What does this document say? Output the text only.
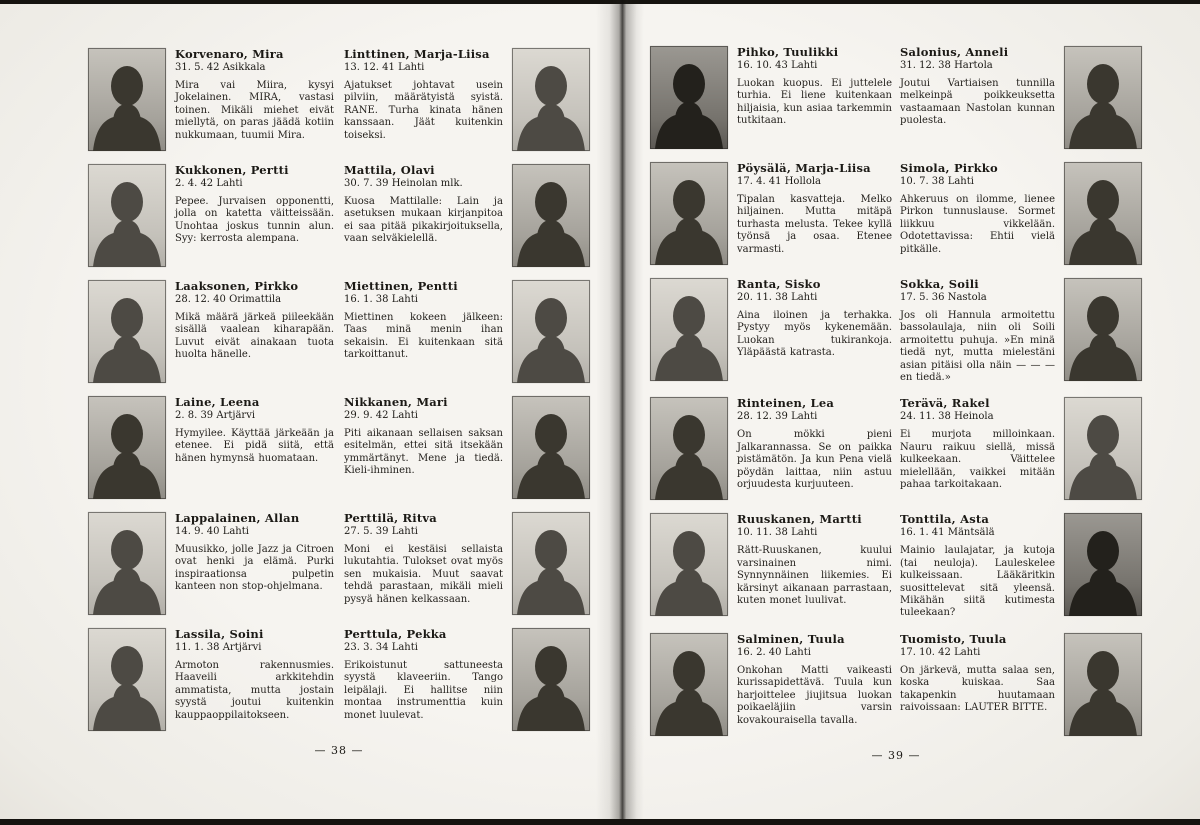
Korvenaro, Mira
31. 5. 42 Asikkala

Mira vai Miira, kysyi Jokelainen. MIRA, vastasi toinen. Mikäli miehet eivät miellytä, on paras jäädä kotiin nukkumaan, tuumii Mira.

Linttinen, Marja-Liisa
13. 12. 41 Lahti

Ajatukset johtavat usein pilviin, määrätyistä syistä. RANE. Turha kinata hänen kanssaan. Jäät kuitenkin toiseksi.

Kukkonen, Pertti
2. 4. 42 Lahti

Pepee. Jurvaisen opponentti, jolla on katetta väitteissään. Unohtaa joskus tunnin alun. Syy: kerrosta alempana.

Mattila, Olavi
30. 7. 39 Heinolan mlk.

Kuosa Mattilalle: Lain ja asetuksen mukaan kirjanpitoa ei saa pitää pikakirjoituksella, vaan selväkielellä.

Laaksonen, Pirkko
28. 12. 40 Orimattila

Mikä määrä järkeä piileekään sisällä vaalean kiharapään. Luvut eivät ainakaan tuota huolta hänelle.

Miettinen, Pentti
16. 1. 38 Lahti

Miettinen kokeen jälkeen: Taas minä menin ihan sekaisin. Ei kuitenkaan sitä tarkoittanut.

Laine, Leena
2. 8. 39 Artjärvi

Hymyilee. Käyttää järkeään ja etenee. Ei pidä siitä, että hänen hymynsä huomataan.

Nikkanen, Mari
29. 9. 42 Lahti

Piti aikanaan sellaisen saksan esitelmän, ettei sitä itsekään ymmärtänyt. Mene ja tiedä. Kieli-ihminen.

Lappalainen, Allan
14. 9. 40 Lahti

Muusikko, jolle Jazz ja Citroen ovat henki ja elämä. Purki inspiraationsa pulpetin kanteen non stop-ohjelmana.

Perttilä, Ritva
27. 5. 39 Lahti

Moni ei kestäisi sellaista lukutahtia. Tulokset ovat myös sen mukaisia. Muut saavat tehdä parastaan, mikäli mieli pysyä hänen kelkassaan.

Lassila, Soini
11. 1. 38 Artjärvi

Armoton rakennusmies. Haaveili arkkitehdin ammatista, mutta jostain syystä joutui kuitenkin kauppaoppilaitokseen.

Perttula, Pekka
23. 3. 34 Lahti

Erikoistunut sattuneesta syystä klaveeriin. Tango leipälaji. Ei hallitse niin montaa instrumenttia kuin monet luulevat.

— 38 —
Pihko, Tuulikki
16. 10. 43 Lahti

Luokan kuopus. Ei juttelele turhia. Ei liene kuitenkaan hiljaisia, kun asiaa tarkemmin tutkitaan.

Salonius, Anneli
31. 12. 38 Hartola

Joutui Vartiaisen tunnilla melkeinpä poikkeuksetta vastaamaan Nastolan kunnan puolesta.

Pöysälä, Marja-Liisa
17. 4. 41 Hollola

Tipalan kasvatteja. Melko hiljainen. Mutta mitäpä turhasta melusta. Tekee kyllä työnsä ja osaa. Etenee varmasti.

Simola, Pirkko
10. 7. 38 Lahti

Ahkeruus on ilomme, lienee Pirkon tunnuslause. Sormet liikkuu vikkelään. Odotettavissa: Ehtii vielä pitkälle.

Ranta, Sisko
20. 11. 38 Lahti

Aina iloinen ja terhakka. Pystyy myös kykenemään. Luokan tukirankoja. Yläpäästä katrasta.

Sokka, Soili
17. 5. 36 Nastola

Jos oli Hannula armoitettu bassolaulaja, niin oli Soili armoitettu puhuja. »En minä tiedä nyt, mutta mielestäni asian pitäisi olla näin — — — en tiedä.»

Rinteinen, Lea
28. 12. 39 Lahti

On mökki pieni Jalkarannassa. Se on paikka pistämätön. Ja kun Pena vielä pöydän laittaa, niin astuu orjuudesta kurjuuteen.

Terävä, Rakel
24. 11. 38 Heinola

Ei murjota milloinkaan. Nauru raikuu siellä, missä kulkeekaan. Väittelee mielellään, vaikkei mitään pahaa tarkoitakaan.

Ruuskanen, Martti
10. 11. 38 Lahti

Rätt-Ruuskanen, kuului varsinainen nimi. Synnynnäinen liikemies. Ei kärsinyt aikanaan parrastaan, kuten monet luulivat.

Tonttila, Asta
16. 1. 41 Mäntsälä

Mainio laulajatar, ja kutoja (tai neuloja). Lauleskelee kulkeissaan. Lääkäritkin suosittelevat sitä yleensä. Mikähän siitä kutimesta tuleekaan?

Salminen, Tuula
16. 2. 40 Lahti

Onkohan Matti vaikeasti kurissapidettävä. Tuula kun harjoittelee jiujitsua luokan poikaeläjiin varsin kovakouraisella tavalla.

Tuomisto, Tuula
17. 10. 42 Lahti

On järkevä, mutta salaa sen, koska kuiskaa. Saa takapenkin huutamaan raivoissaan: LAUTER BITTE.

— 39 —
